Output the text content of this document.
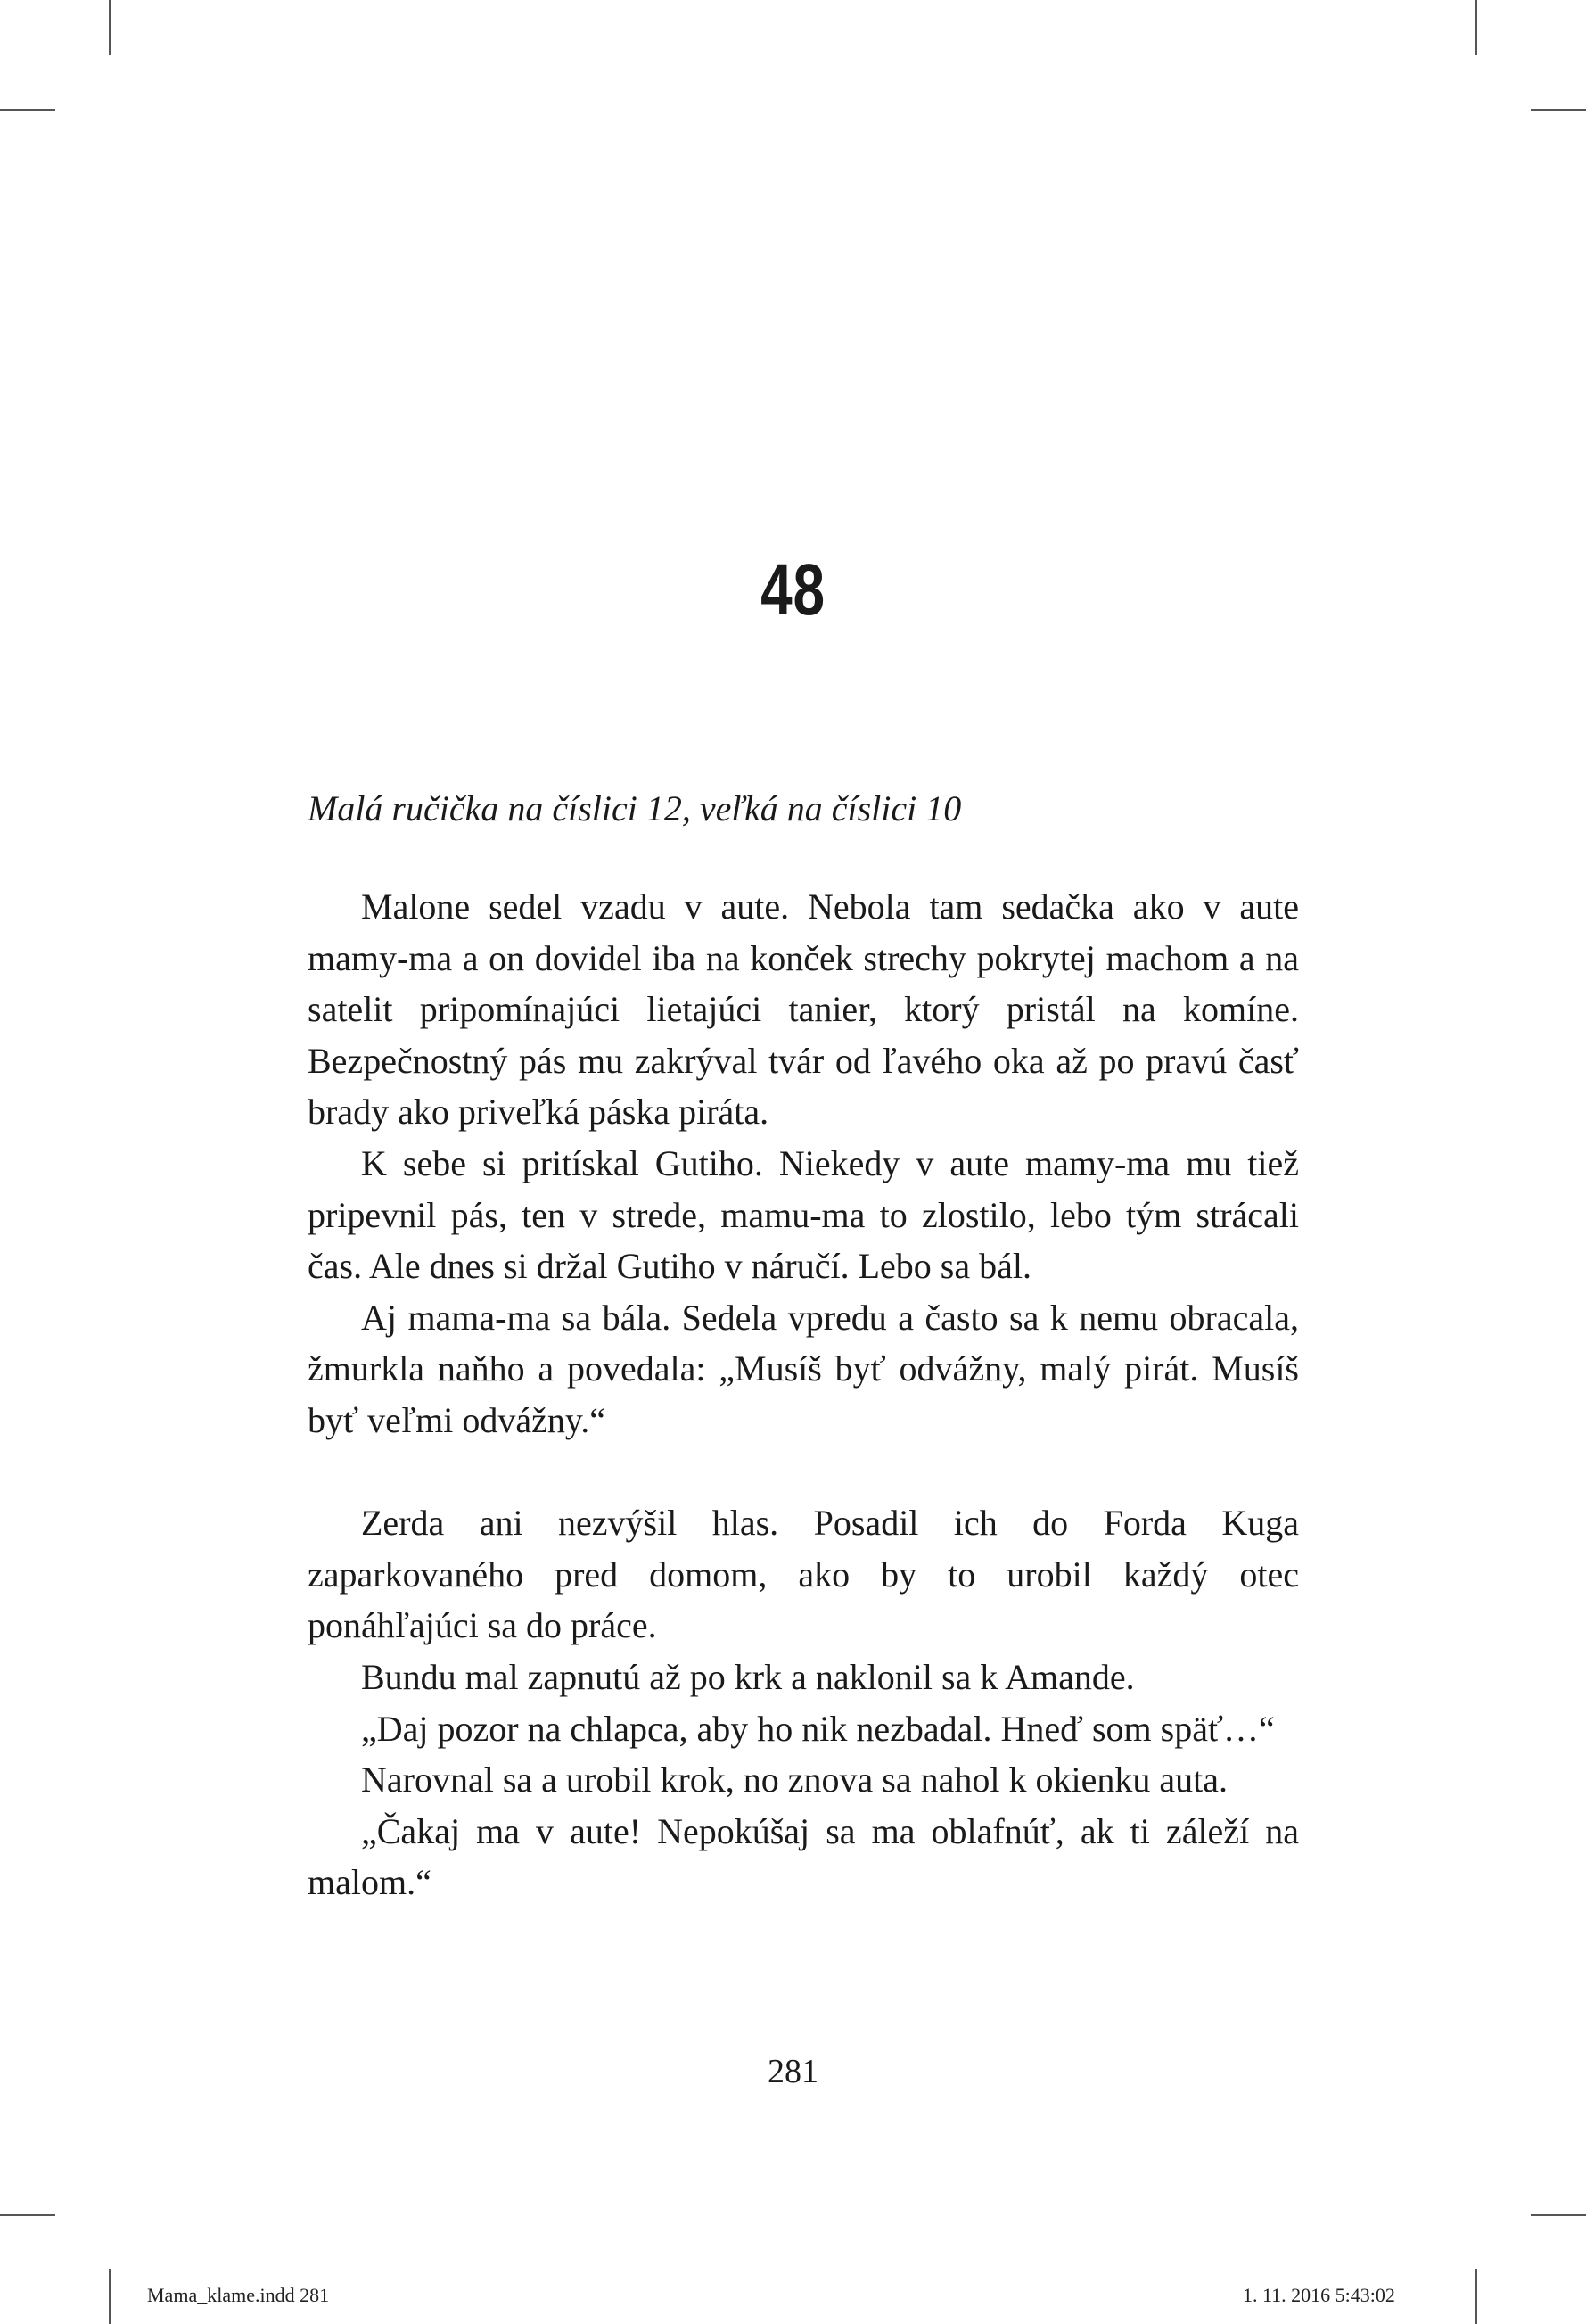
48
Malá ručička na číslici 12, veľká na číslici 10

Malone sedel vzadu v aute. Nebola tam sedačka ako v aute mamy-ma a on dovidel iba na konček strechy pokrytej machom a na satelit pripomínajúci lietajúci tanier, ktorý pristál na komíne. Bezpečnostný pás mu zakrýval tvár od ľavého oka až po pravú časť brady ako priveľká páska piráta.

K sebe si pritískal Gutiho. Niekedy v aute mamy-ma mu tiež pripevnil pás, ten v strede, mamu-ma to zlostilo, lebo tým strácali čas. Ale dnes si držal Gutiho v náručí. Lebo sa bál.

Aj mama-ma sa bála. Sedela vpredu a často sa k nemu obracala, žmurkla naňho a povedala: „Musíš byť odvážny, malý pirát. Musíš byť veľmi odvážny.“

Zerda ani nezvýšil hlas. Posadil ich do Forda Kuga zaparkovaného pred domom, ako by to urobil každý otec ponáhľajúci sa do práce.

Bundu mal zapnutú až po krk a naklonil sa k Amande.

„Daj pozor na chlapca, aby ho nik nezbadal. Hneď som späť…“

Narovnal sa a urobil krok, no znova sa nahol k okienku auta.

„Čakaj ma v aute! Nepokúšaj sa ma oblafnúť, ak ti záleží na malom.“

281
Mama_klame.indd 281	1. 11. 2016 5:43:02
